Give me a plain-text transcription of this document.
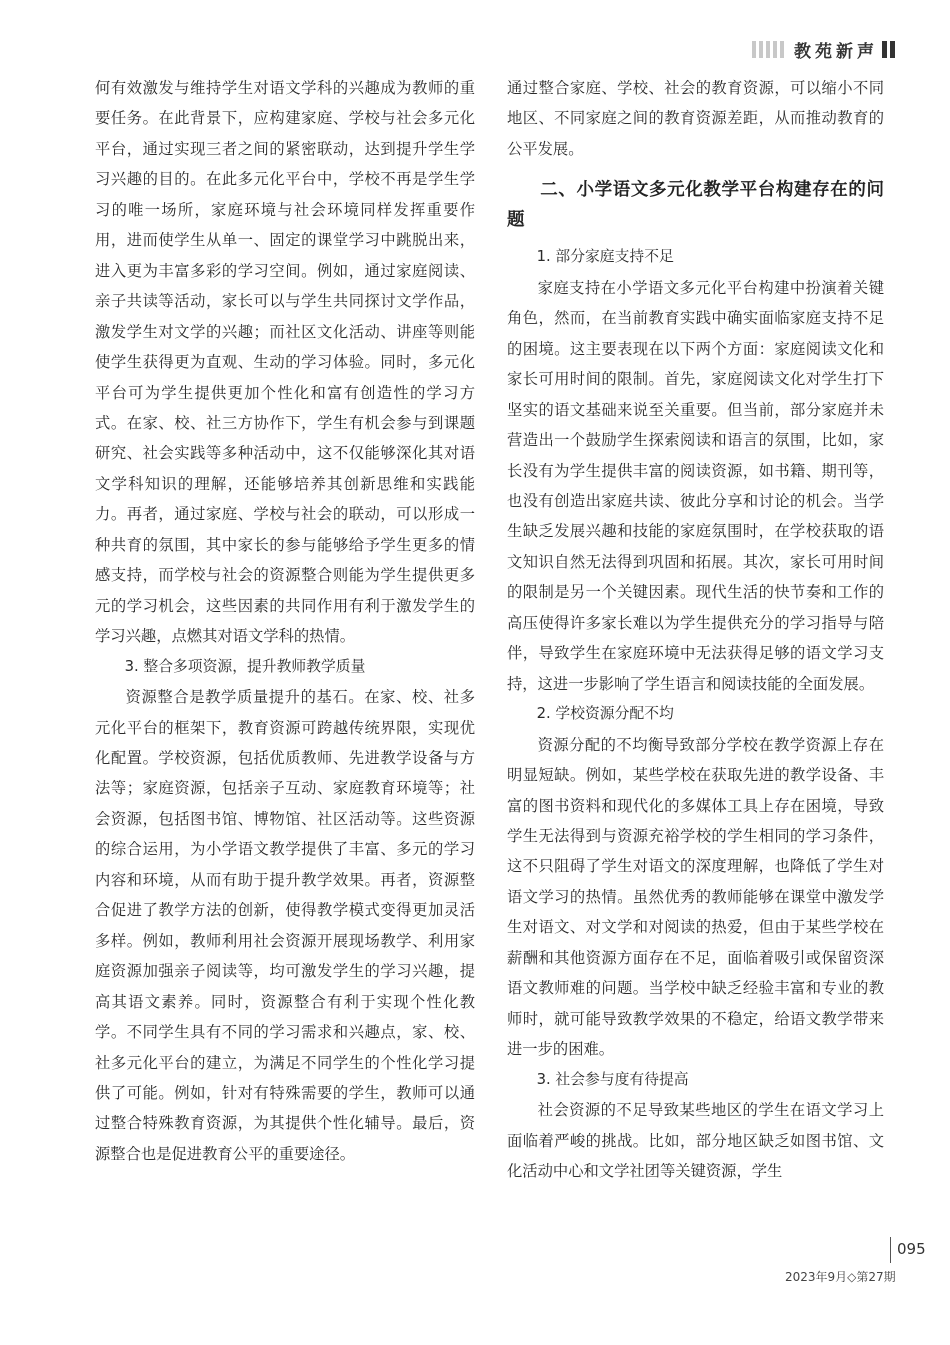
教苑新声

何有效激发与维持学生对语文学科的兴趣成为教师的重要任务。在此背景下，应构建家庭、学校与社会多元化平台，通过实现三者之间的紧密联动，达到提升学生学习兴趣的目的。在此多元化平台中，学校不再是学生学习的唯一场所，家庭环境与社会环境同样发挥重要作用，进而使学生从单一、固定的课堂学习中跳脱出来，进入更为丰富多彩的学习空间。例如，通过家庭阅读、亲子共读等活动，家长可以与学生共同探讨文学作品，激发学生对文学的兴趣；而社区文化活动、讲座等则能使学生获得更为直观、生动的学习体验。同时，多元化平台可为学生提供更加个性化和富有创造性的学习方式。在家、校、社三方协作下，学生有机会参与到课题研究、社会实践等多种活动中，这不仅能够深化其对语文学科知识的理解，还能够培养其创新思维和实践能力。再者，通过家庭、学校与社会的联动，可以形成一种共育的氛围，其中家长的参与能够给予学生更多的情感支持，而学校与社会的资源整合则能为学生提供更多元的学习机会，这些因素的共同作用有利于激发学生的学习兴趣，点燃其对语文学科的热情。

3. 整合多项资源，提升教师教学质量

资源整合是教学质量提升的基石。在家、校、社多元化平台的框架下，教育资源可跨越传统界限，实现优化配置。学校资源，包括优质教师、先进教学设备与方法等；家庭资源，包括亲子互动、家庭教育环境等；社会资源，包括图书馆、博物馆、社区活动等。这些资源的综合运用，为小学语文教学提供了丰富、多元的学习内容和环境，从而有助于提升教学效果。再者，资源整合促进了教学方法的创新，使得教学模式变得更加灵活多样。例如，教师利用社会资源开展现场教学、利用家庭资源加强亲子阅读等，均可激发学生的学习兴趣，提高其语文素养。同时，资源整合有利于实现个性化教学。不同学生具有不同的学习需求和兴趣点，家、校、社多元化平台的建立，为满足不同学生的个性化学习提供了可能。例如，针对有特殊需要的学生，教师可以通过整合特殊教育资源，为其提供个性化辅导。最后，资源整合也是促进教育公平的重要途径。

通过整合家庭、学校、社会的教育资源，可以缩小不同地区、不同家庭之间的教育资源差距，从而推动教育的公平发展。

二、小学语文多元化教学平台构建存在的问题

1. 部分家庭支持不足

家庭支持在小学语文多元化平台构建中扮演着关键角色，然而，在当前教育实践中确实面临家庭支持不足的困境。这主要表现在以下两个方面：家庭阅读文化和家长可用时间的限制。首先，家庭阅读文化对学生打下坚实的语文基础来说至关重要。但当前，部分家庭并未营造出一个鼓励学生探索阅读和语言的氛围，比如，家长没有为学生提供丰富的阅读资源，如书籍、期刊等，也没有创造出家庭共读、彼此分享和讨论的机会。当学生缺乏发展兴趣和技能的家庭氛围时，在学校获取的语文知识自然无法得到巩固和拓展。其次，家长可用时间的限制是另一个关键因素。现代生活的快节奏和工作的高压使得许多家长难以为学生提供充分的学习指导与陪伴，导致学生在家庭环境中无法获得足够的语文学习支持，这进一步影响了学生语言和阅读技能的全面发展。

2. 学校资源分配不均

资源分配的不均衡导致部分学校在教学资源上存在明显短缺。例如，某些学校在获取先进的教学设备、丰富的图书资料和现代化的多媒体工具上存在困境，导致学生无法得到与资源充裕学校的学生相同的学习条件，这不只阻碍了学生对语文的深度理解，也降低了学生对语文学习的热情。虽然优秀的教师能够在课堂中激发学生对语文、对文学和对阅读的热爱，但由于某些学校在薪酬和其他资源方面存在不足，面临着吸引或保留资深语文教师难的问题。当学校中缺乏经验丰富和专业的教师时，就可能导致教学效果的不稳定，给语文教学带来进一步的困难。

3. 社会参与度有待提高

社会资源的不足导致某些地区的学生在语文学习上面临着严峻的挑战。比如，部分地区缺乏如图书馆、文化活动中心和文学社团等关键资源，学生

095
2023年9月◇第27期
